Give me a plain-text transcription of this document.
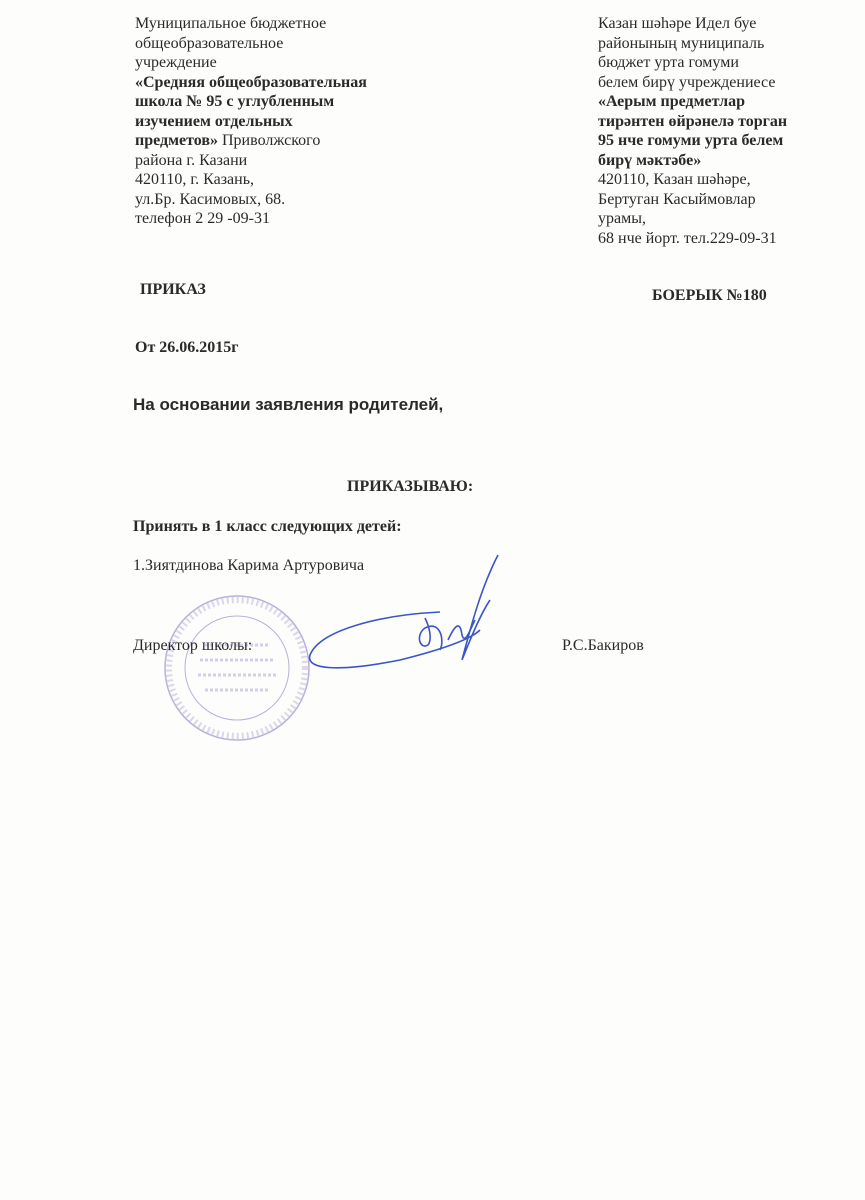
Муниципальное бюджетное
общеобразовательное
учреждение
«Средняя общеобразовательная
школа № 95 с углубленным
изучением отдельных
предметов» Приволжского
района г. Казани
420110, г. Казань,
ул.Бр. Касимовых, 68.
телефон 2 29 -09-31
Казан шәһәре Идел буе
районының муниципаль
бюджет урта гомуми
белем бирү учреждениесе
«Аерым предметлар
тирәнтен өйрәнелә торган
95 нче гомуми урта белем
бирү мәктәбе»
420110, Казан шәһәре,
Бертуган Касыймовлар
урамы,
68 нче йорт. тел.229-09-31
ПРИКАЗ	БОЕРЫК №180
От 26.06.2015г
На основании заявления родителей,
ПРИКАЗЫВАЮ:
Принять в 1 класс следующих детей:
1.Зиятдинова Карима Артуровича
Директор школы:	Р.С.Бакиров
